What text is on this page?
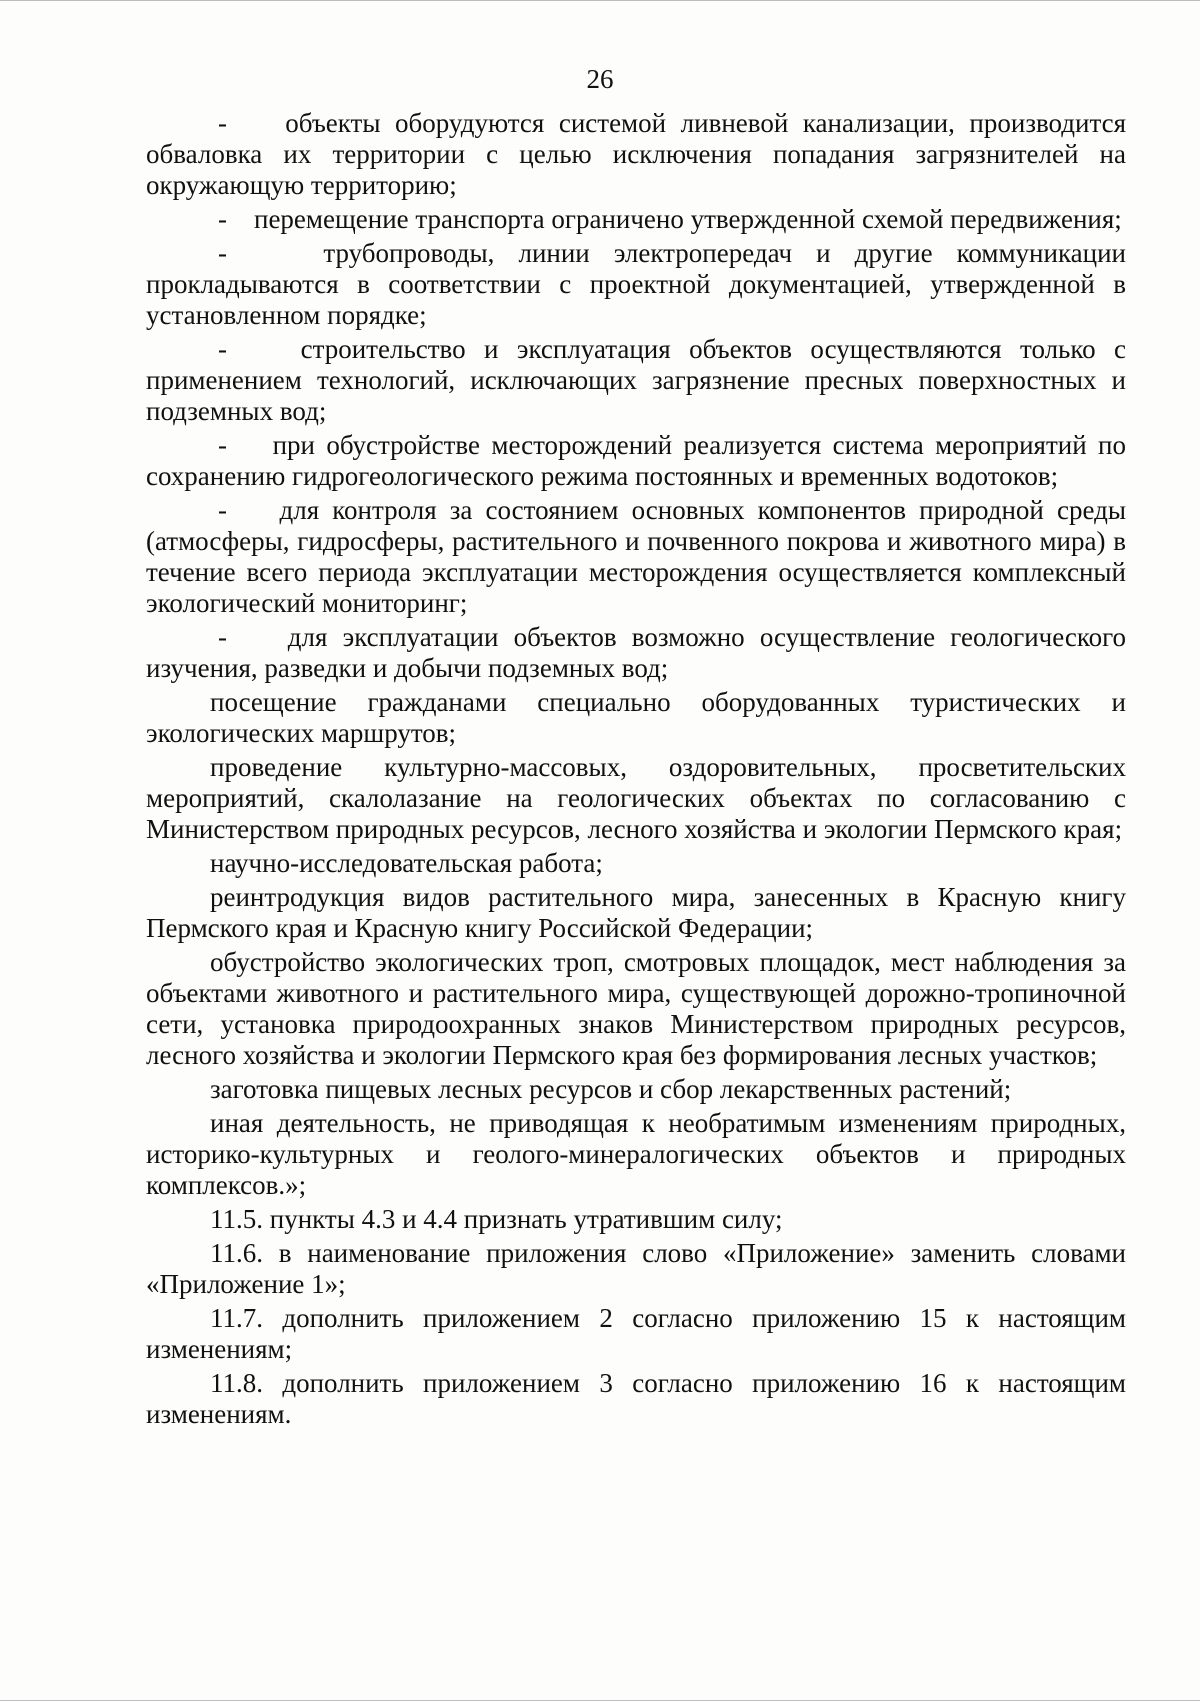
26

- объекты оборудуются системой ливневой канализации, производится обваловка их территории с целью исключения попадания загрязнителей на окружающую территорию;

- перемещение транспорта ограничено утвержденной схемой передвижения;

-	трубопроводы, линии электропередач и другие коммуникации прокладываются в соответствии с проектной документацией, утвержденной в установленном порядке;

-	строительство и эксплуатация объектов осуществляются только с применением технологий, исключающих загрязнение пресных поверхностных и подземных вод;

- при обустройстве месторождений реализуется система мероприятий по сохранению гидрогеологического режима постоянных и временных водотоков;

- для контроля за состоянием основных компонентов природной среды (атмосферы, гидросферы, растительного и почвенного покрова и животного мира) в течение всего периода эксплуатации месторождения осуществляется комплексный экологический мониторинг;

- для эксплуатации объектов возможно осуществление геологического изучения, разведки и добычи подземных вод;

посещение гражданами специально оборудованных туристических и экологических маршрутов;

проведение культурно-массовых, оздоровительных, просветительских мероприятий, скалолазание на геологических объектах по согласованию с Министерством природных ресурсов, лесного хозяйства и экологии Пермского края;

научно-исследовательская работа;

реинтродукция видов растительного мира, занесенных в Красную книгу Пермского края и Красную книгу Российской Федерации;

обустройство экологических троп, смотровых площадок, мест наблюдения за объектами животного и растительного мира, существующей дорожно-тропиночной сети, установка природоохранных знаков Министерством природных ресурсов, лесного хозяйства и экологии Пермского края без формирования лесных участков;

заготовка пищевых лесных ресурсов и сбор лекарственных растений;

иная деятельность, не приводящая к необратимым изменениям природных, историко-культурных и геолого-минералогических объектов и природных комплексов.»;

11.5. пункты 4.3 и 4.4 признать утратившим силу;

11.6. в наименование приложения слово «Приложение» заменить словами «Приложение 1»;

11.7. дополнить приложением 2 согласно приложению 15 к настоящим изменениям;

11.8. дополнить приложением 3 согласно приложению 16 к настоящим изменениям.
